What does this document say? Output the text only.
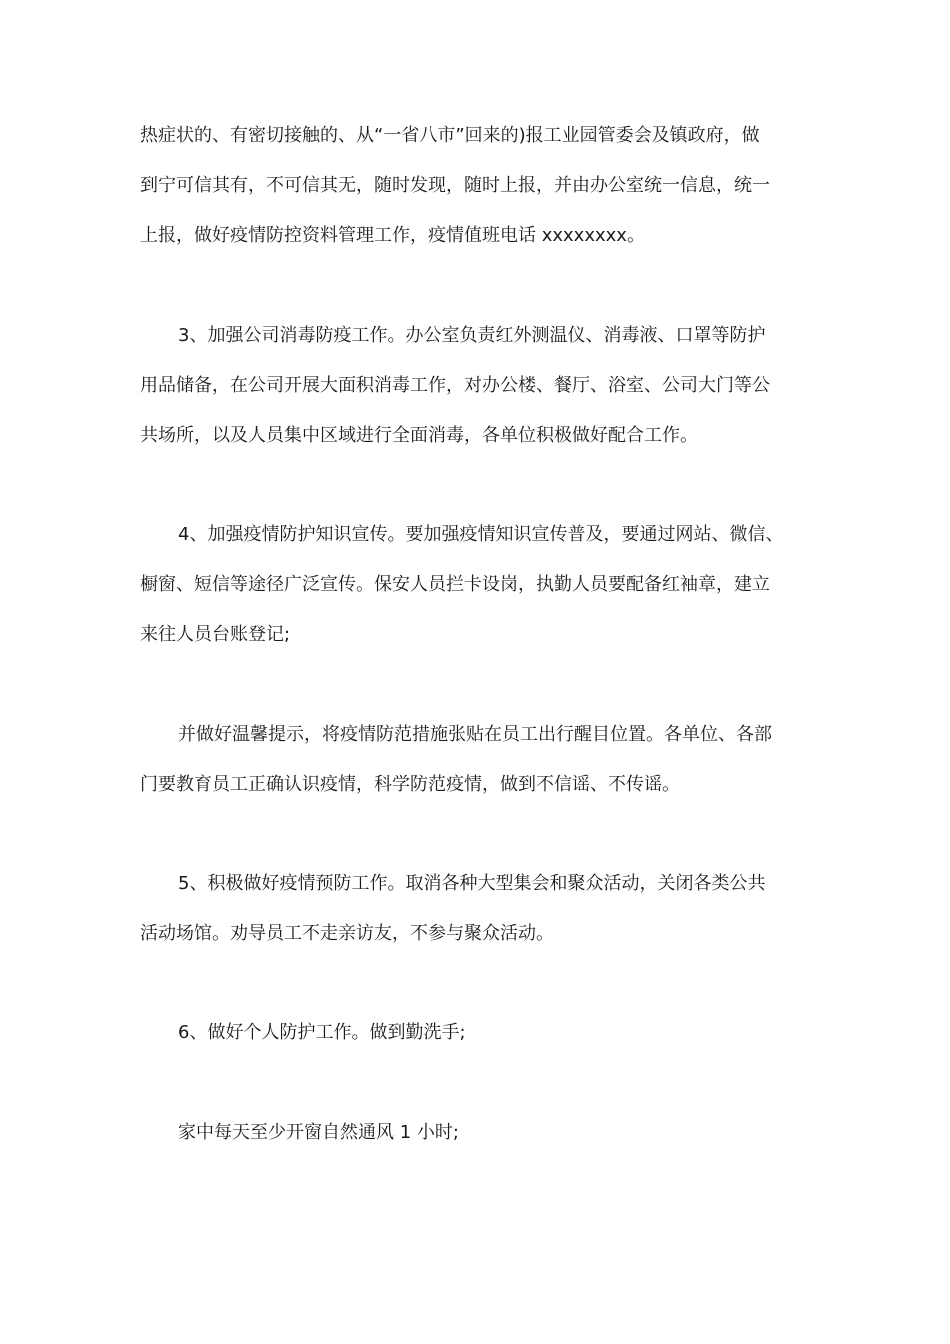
热症状的、有密切接触的、从“一省八市”回来的)报工业园管委会及镇政府，做
到宁可信其有，不可信其无，随时发现，随时上报，并由办公室统一信息，统一
上报，做好疫情防控资料管理工作，疫情值班电话 xxxxxxxx。

3、加强公司消毒防疫工作。办公室负责红外测温仪、消毒液、口罩等防护
用品储备，在公司开展大面积消毒工作，对办公楼、餐厅、浴室、公司大门等公
共场所，以及人员集中区域进行全面消毒，各单位积极做好配合工作。

4、加强疫情防护知识宣传。要加强疫情知识宣传普及，要通过网站、微信、
橱窗、短信等途径广泛宣传。保安人员拦卡设岗，执勤人员要配备红袖章，建立
来往人员台账登记;

并做好温馨提示，将疫情防范措施张贴在员工出行醒目位置。各单位、各部
门要教育员工正确认识疫情，科学防范疫情，做到不信谣、不传谣。

5、积极做好疫情预防工作。取消各种大型集会和聚众活动，关闭各类公共
活动场馆。劝导员工不走亲访友，不参与聚众活动。

6、做好个人防护工作。做到勤洗手;

家中每天至少开窗自然通风 1 小时;
